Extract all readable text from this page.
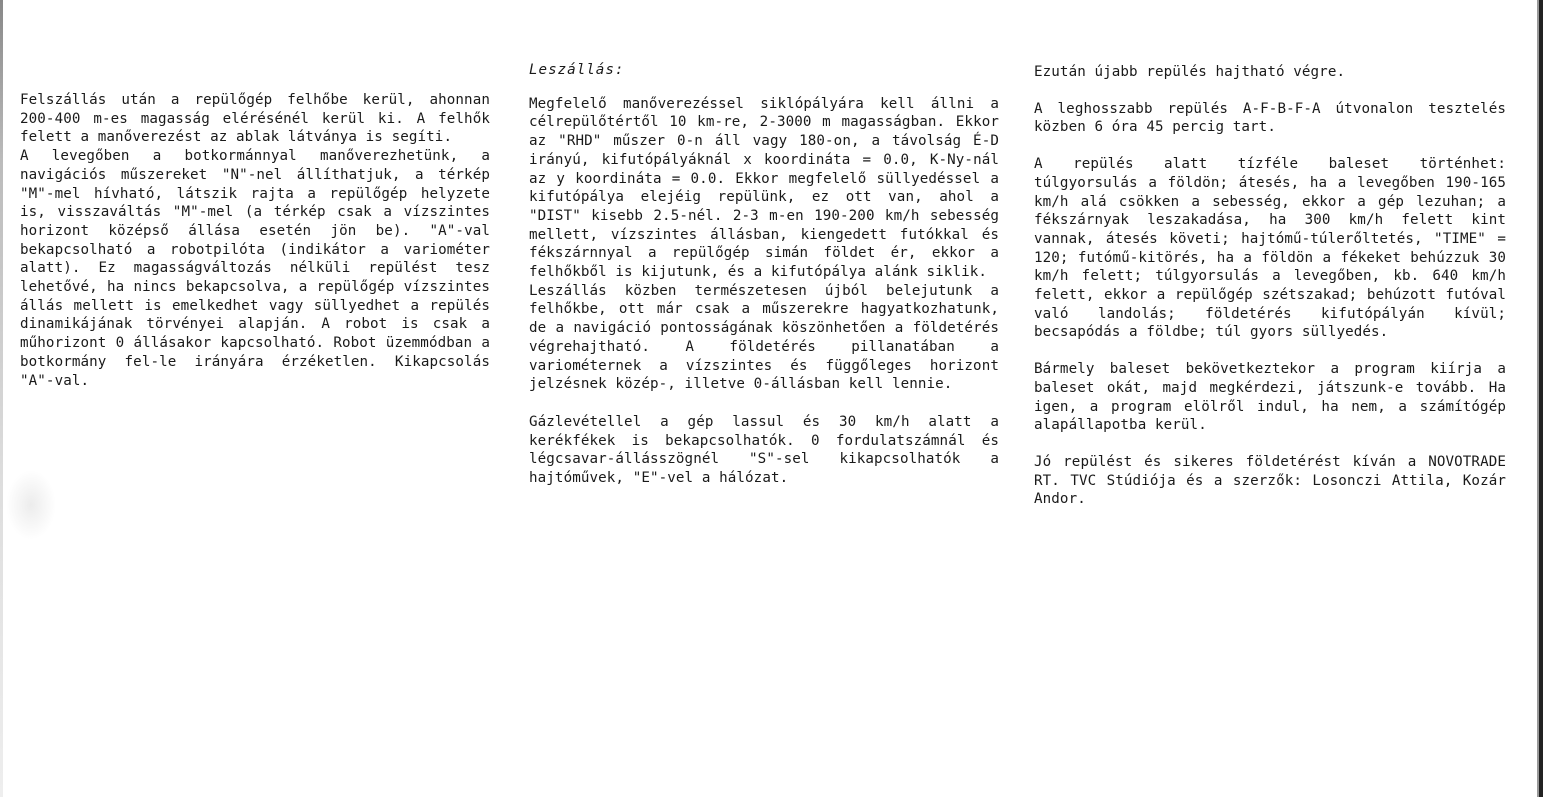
Felszállás után a repülőgép felhőbe kerül, ahonnan 200-400 m-es magasság elérésénél kerül ki. A felhők felett a manőverezést az ablak látványa is segíti.

A levegőben a botkormánnyal manőverezhetünk, a navigációs műszereket "N"-nel állíthatjuk, a térkép "M"-mel hívható, látszik rajta a repülőgép helyzete is, visszaváltás "M"-mel (a térkép csak a vízszintes horizont középső állása esetén jön be). "A"-val bekapcsolható a robotpilóta (indikátor a variométer alatt). Ez magasságváltozás nélküli repülést tesz lehetővé, ha nincs bekapcsolva, a repülőgép vízszintes állás mellett is emelkedhet vagy süllyedhet a repülés dinamikájának törvényei alapján. A robot is csak a műhorizont 0 állásakor kapcsolható. Robot üzemmódban a botkormány fel-le irányára érzéketlen. Kikapcsolás "A"-val.

Leszállás:

Megfelelő manőverezéssel siklópályára kell állni a célrepülőtértől 10 km-re, 2-3000 m magasságban. Ekkor az "RHD" műszer 0-n áll vagy 180-on, a távolság É-D irányú, kifutópályáknál x koordináta = 0.0, K-Ny-nál az y koordináta = 0.0. Ekkor megfelelő süllyedéssel a kifutópálya elejéig repülünk, ez ott van, ahol a "DIST" kisebb 2.5-nél. 2-3 m-en 190-200 km/h sebesség mellett, vízszintes állásban, kiengedett futókkal és fékszárnnyal a repülőgép simán földet ér, ekkor a felhőkből is kijutunk, és a kifutópálya alánk siklik.

Leszállás közben természetesen újból belejutunk a felhőkbe, ott már csak a műszerekre hagyatkozhatunk, de a navigáció pontosságának köszönhetően a földetérés végrehajtható. A földetérés pillanatában a variométernek a vízszintes és függőleges horizont jelzésnek közép-, illetve 0-állásban kell lennie.

Gázlevétellel a gép lassul és 30 km/h alatt a kerékfékek is bekapcsolhatók. 0 fordulatszámnál és légcsavar-állásszögnél "S"-sel kikapcsolhatók a hajtóművek, "E"-vel a hálózat.

Ezután újabb repülés hajtható végre.

A leghosszabb repülés A-F-B-F-A útvonalon tesztelés közben 6 óra 45 percig tart.

A repülés alatt tízféle baleset történhet: túlgyorsulás a földön; átesés, ha a levegőben 190-165 km/h alá csökken a sebesség, ekkor a gép lezuhan; a fékszárnyak leszakadása, ha 300 km/h felett kint vannak, átesés követi; hajtómű-túlerőltetés, "TIME" = 120; futómű-kitörés, ha a földön a fékeket behúzzuk 30 km/h felett; túlgyorsulás a levegőben, kb. 640 km/h felett, ekkor a repülőgép szétszakad; behúzott futóval való landolás; földetérés kifutópályán kívül; becsapódás a földbe; túl gyors süllyedés.

Bármely baleset bekövetkeztekor a program kiírja a baleset okát, majd megkérdezi, játszunk-e tovább. Ha igen, a program elölről indul, ha nem, a számítógép alapállapotba kerül.

Jó repülést és sikeres földetérést kíván a NOVOTRADE RT. TVC Stúdiója és a szerzők: Losonczi Attila, Kozár Andor.
